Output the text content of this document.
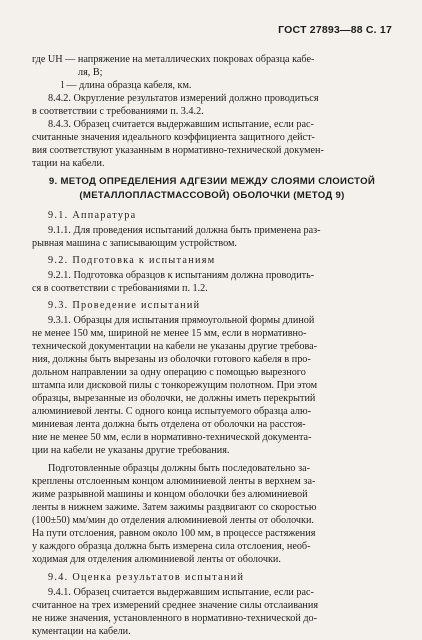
ГОСТ 27893—88 С. 17
где UН — напряжение на металлических покровах образца кабе-
ля, В;
l — длина образца кабеля, км.
8.4.2. Округление результатов измерений должно проводиться
в соответствии с требованиями п. 3.4.2.
8.4.3. Образец считается выдержавшим испытание, если рас-
считанные значения идеального коэффициента защитного дейст-
вия соответствуют указанным в нормативно-технической докумен-
тации на кабели.
9. МЕТОД ОПРЕДЕЛЕНИЯ АДГЕЗИИ МЕЖДУ СЛОЯМИ СЛОИСТОЙ
(МЕТАЛЛОПЛАСТМАССОВОЙ) ОБОЛОЧКИ (МЕТОД 9)
9.1. Аппаратура
9.1.1. Для проведения испытаний должна быть применена раз-
рывная машина с записывающим устройством.
9.2. Подготовка к испытаниям
9.2.1. Подготовка образцов к испытаниям должна проводить-
ся в соответствии с требованиями п. 1.2.
9.3. Проведение испытаний
9.3.1. Образцы для испытания прямоугольной формы длиной
не менее 150 мм, шириной не менее 15 мм, если в нормативно-
технической документации на кабели не указаны другие требова-
ния, должны быть вырезаны из оболочки готового кабеля в про-
дольном направлении за одну операцию с помощью вырезного
штампа или дисковой пилы с тонкорежущим полотном. При этом
образцы, вырезанные из оболочки, не должны иметь перекрытий
алюминиевой ленты. С одного конца испытуемого образца алю-
миниевая лента должна быть отделена от оболочки на расстоя-
ние не менее 50 мм, если в нормативно-технической документа-
ции на кабели не указаны другие требования.
Подготовленные образцы должны быть последовательно за-
креплены отслоенным концом алюминиевой ленты в верхнем за-
жиме разрывной машины и концом оболочки без алюминиевой
ленты в нижнем зажиме. Затем зажимы раздвигают со скоростью
(100±50) мм/мин до отделения алюминиевой ленты от оболочки.
На пути отслоения, равном около 100 мм, в процессе растяжения
у каждого образца должна быть измерена сила отслоения, необ-
ходимая для отделения алюминиевой ленты от оболочки.
9.4. Оценка результатов испытаний
9.4.1. Образец считается выдержавшим испытание, если рас-
считанное на трех измерений среднее значение силы отслаивания
не ниже значения, установленного в нормативно-технической до-
кументации на кабели.
